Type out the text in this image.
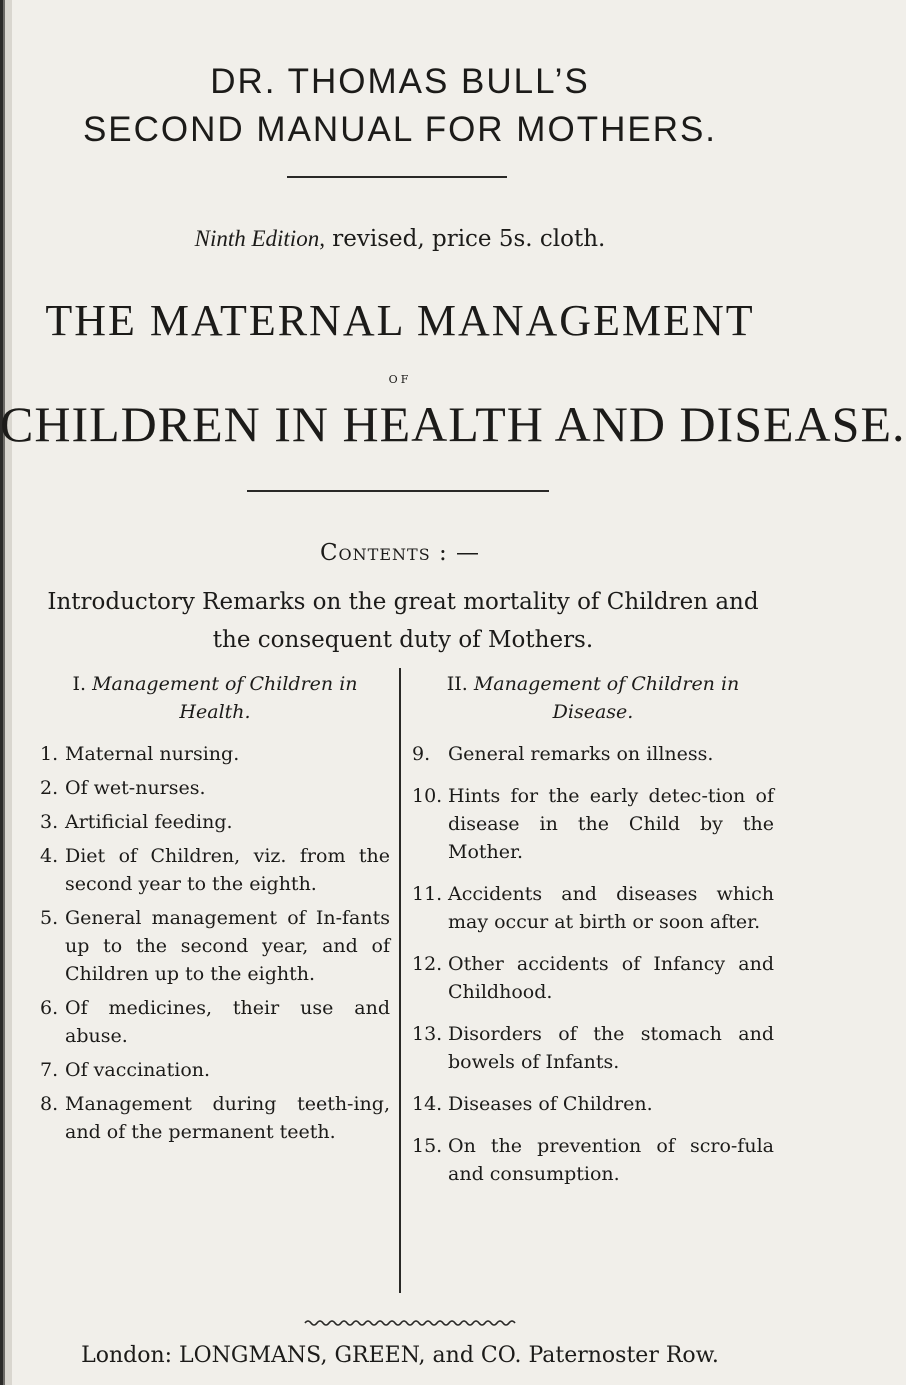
DR. THOMAS BULL’S
SECOND MANUAL FOR MOTHERS.
Ninth Edition, revised, price 5s. cloth.
THE MATERNAL MANAGEMENT
OF
CHILDREN IN HEALTH AND DISEASE.
Contents : —
Introductory Remarks on the great mortality of Children and the consequent duty of Mothers.
I. Management of Children in Health.
1. Maternal nursing.
2. Of wet-nurses.
3. Artificial feeding.
4. Diet of Children, viz. from the second year to the eighth.
5. General management of In-fants up to the second year, and of Children up to the eighth.
6. Of medicines, their use and abuse.
7. Of vaccination.
8. Management during teeth-ing, and of the permanent teeth.
II. Management of Children in Disease.
9. General remarks on illness.
10. Hints for the early detec-tion of disease in the Child by the Mother.
11. Accidents and diseases which may occur at birth or soon after.
12. Other accidents of Infancy and Childhood.
13. Disorders of the stomach and bowels of Infants.
14. Diseases of Children.
15. On the prevention of scro-fula and consumption.
London: LONGMANS, GREEN, and CO. Paternoster Row.
